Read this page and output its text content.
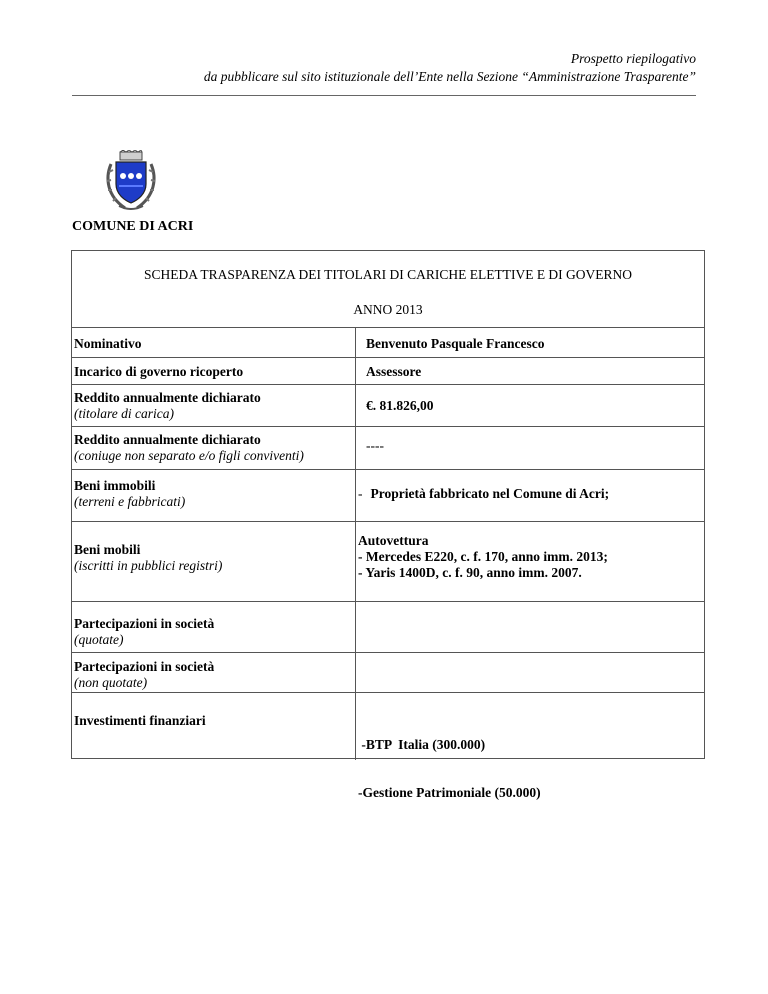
Prospetto riepilogativo
da pubblicare sul sito istituzionale dell’Ente nella Sezione “Amministrazione Trasparente”
COMUNE DI ACRI
SCHEDA TRASPARENZA DEI TITOLARI DI CARICHE ELETTIVE E DI GOVERNO
ANNO 2013
Nominativo	Benvenuto Pasquale Francesco
Incarico di governo ricoperto	Assessore
Reddito annualmente dichiarato
(titolare di carica)
€. 81.826,00
Reddito annualmente dichiarato
(coniuge non separato e/o figli conviventi)
----
Beni immobili
(terreni e fabbricati)
- Proprietà fabbricato nel Comune di Acri;
Beni mobili
(iscritti in pubblici registri)
Autovettura
- Mercedes E220, c. f. 170, anno imm. 2013;
- Yaris 1400D, c. f. 90, anno imm. 2007.
Partecipazioni in società
(quotate)
Partecipazioni in società
(non quotate)
Investimenti finanziari

-BTP  Italia (300.000)

-Gestione Patrimoniale (50.000)
